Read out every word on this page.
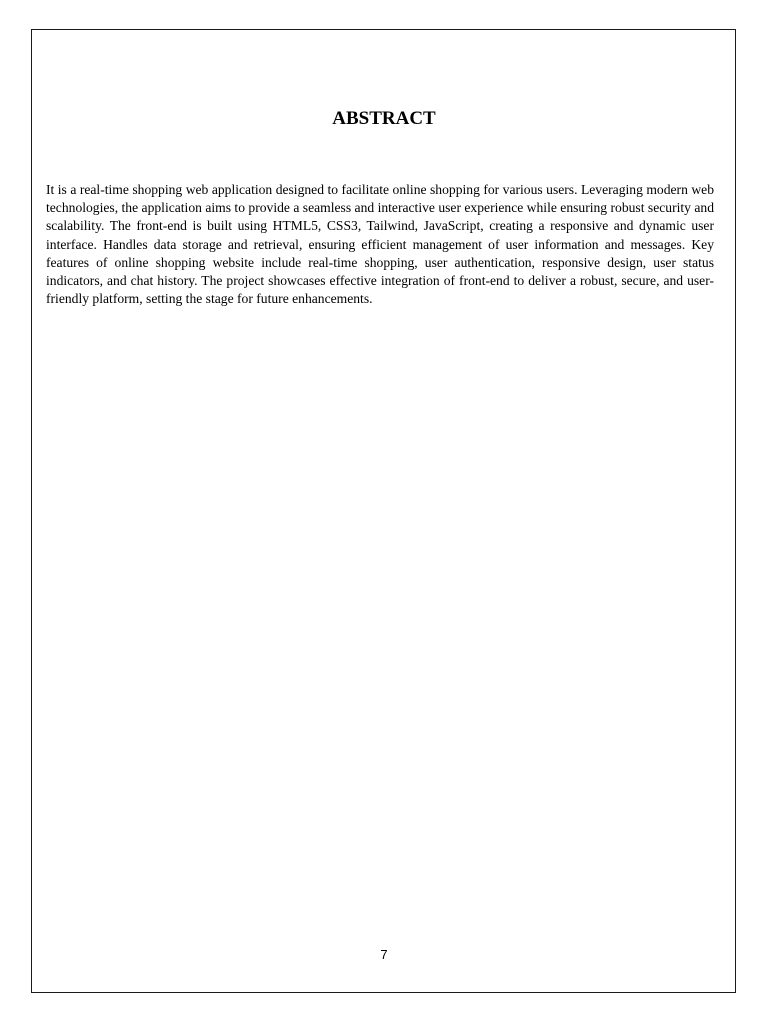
ABSTRACT

It is a real-time shopping web application designed to facilitate online shopping for various users. Leveraging modern web technologies, the application aims to provide a seamless and interactive user experience while ensuring robust security and scalability. The front-end is built using HTML5, CSS3, Tailwind, JavaScript, creating a responsive and dynamic user interface. Handles data storage and retrieval, ensuring efficient management of user information and messages. Key features of online shopping website include real-time shopping, user authentication, responsive design, user status indicators, and chat history. The project showcases effective integration of front-end to deliver a robust, secure, and user-friendly platform, setting the stage for future enhancements.

7
